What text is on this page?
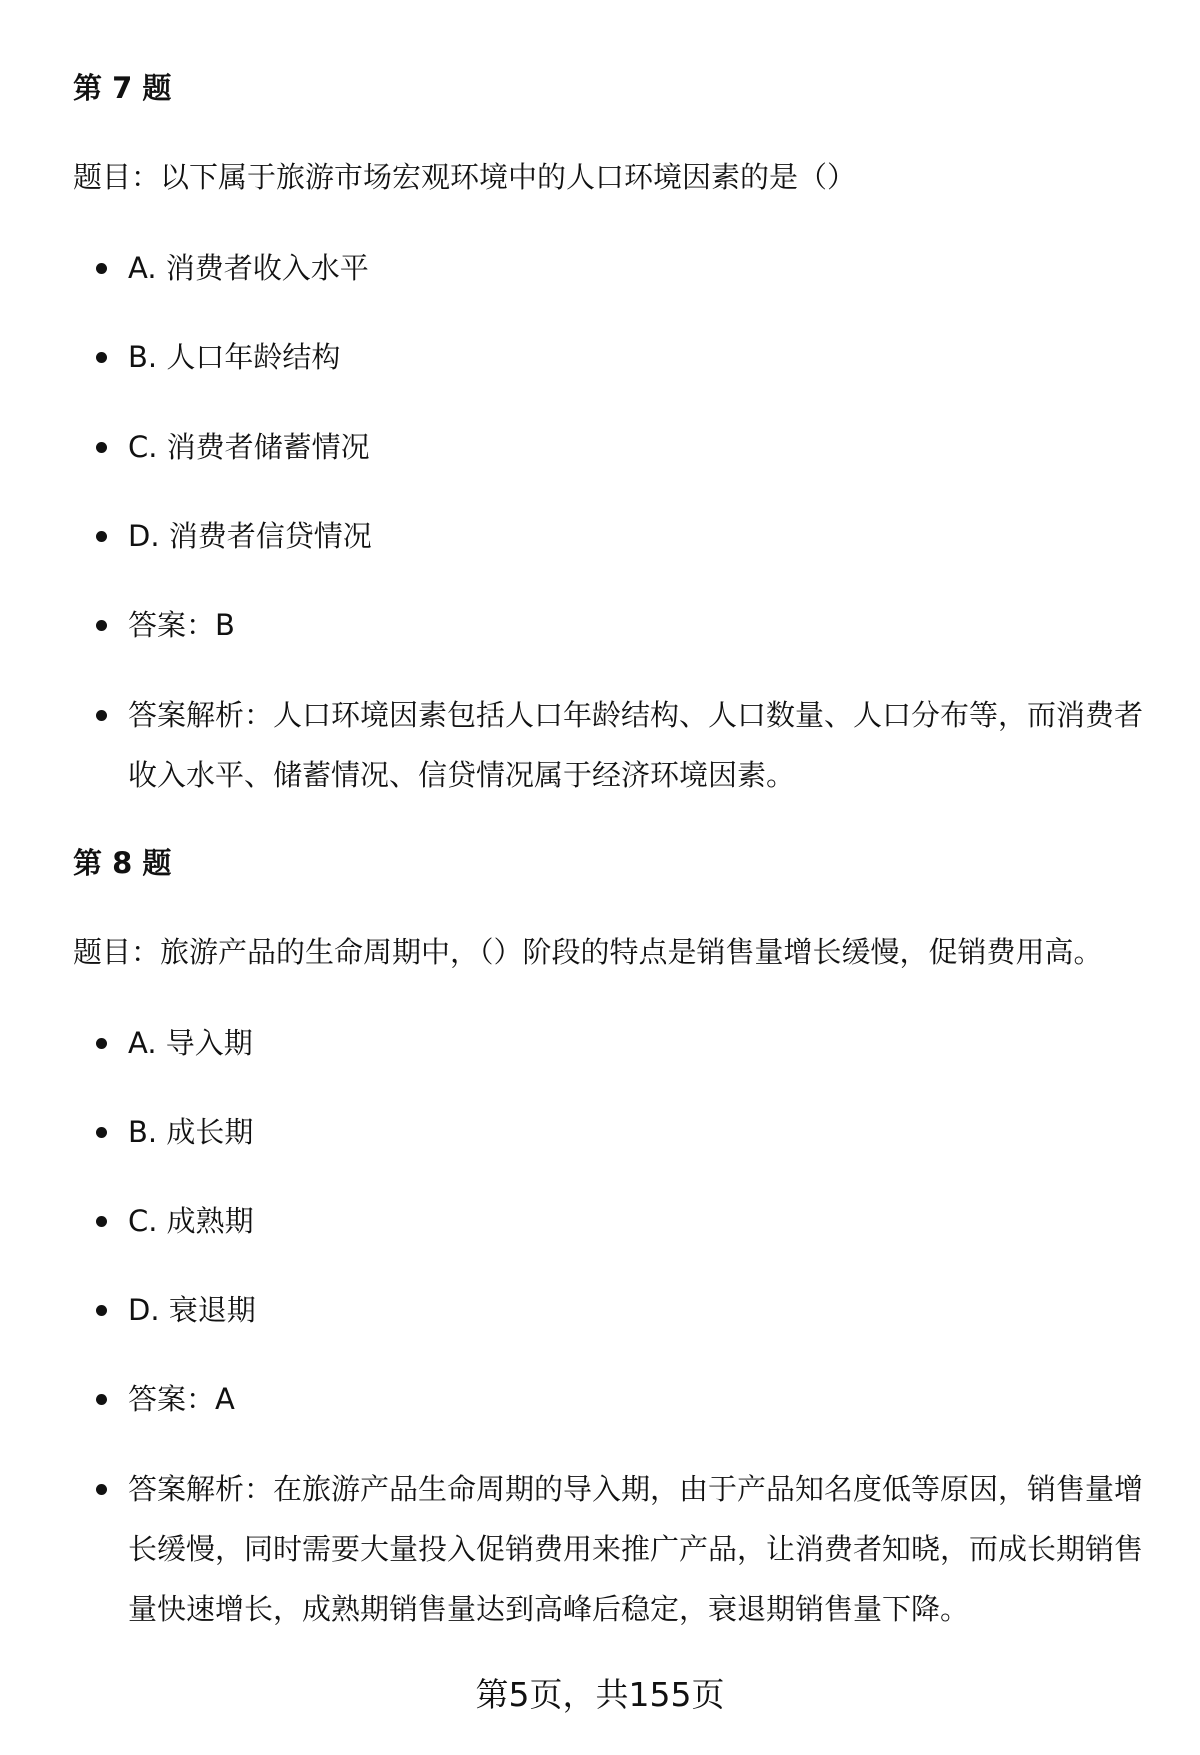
第 7 题
题目：以下属于旅游市场宏观环境中的人口环境因素的是（）
A. 消费者收入水平
B. 人口年龄结构
C. 消费者储蓄情况
D. 消费者信贷情况
答案：B
答案解析：人口环境因素包括人口年龄结构、人口数量、人口分布等，而消费者收入水平、储蓄情况、信贷情况属于经济环境因素。
第 8 题
题目：旅游产品的生命周期中，（）阶段的特点是销售量增长缓慢，促销费用高。
A. 导入期
B. 成长期
C. 成熟期
D. 衰退期
答案：A
答案解析：在旅游产品生命周期的导入期，由于产品知名度低等原因，销售量增长缓慢，同时需要大量投入促销费用来推广产品，让消费者知晓，而成长期销售量快速增长，成熟期销售量达到高峰后稳定，衰退期销售量下降。
第5页，共155页
